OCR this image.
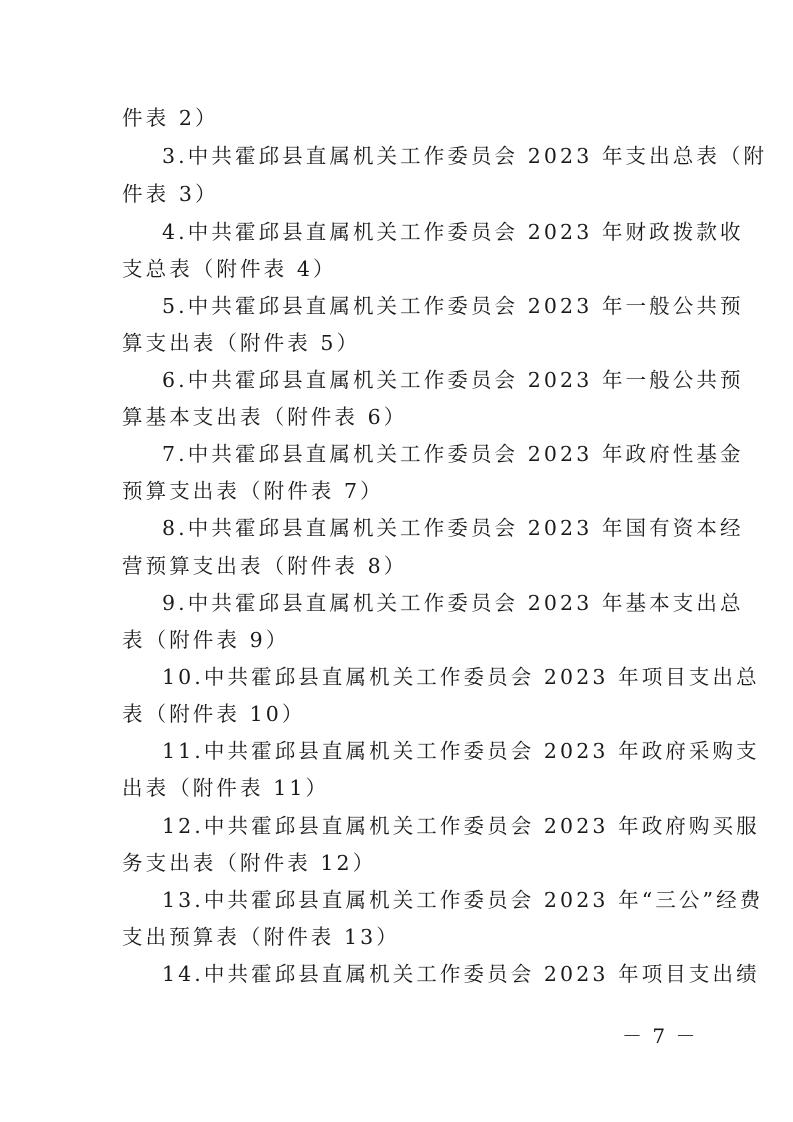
件表 2）
3.中共霍邱县直属机关工作委员会 2023 年支出总表（附
件表 3）
4.中共霍邱县直属机关工作委员会 2023 年财政拨款收
支总表（附件表 4）
5.中共霍邱县直属机关工作委员会 2023 年一般公共预
算支出表（附件表 5）
6.中共霍邱县直属机关工作委员会 2023 年一般公共预
算基本支出表（附件表 6）
7.中共霍邱县直属机关工作委员会 2023 年政府性基金
预算支出表（附件表 7）
8.中共霍邱县直属机关工作委员会 2023 年国有资本经
营预算支出表（附件表 8）
9.中共霍邱县直属机关工作委员会 2023 年基本支出总
表（附件表 9）
10.中共霍邱县直属机关工作委员会 2023 年项目支出总
表（附件表 10）
11.中共霍邱县直属机关工作委员会 2023 年政府采购支
出表（附件表 11）
12.中共霍邱县直属机关工作委员会 2023 年政府购买服
务支出表（附件表 12）
13.中共霍邱县直属机关工作委员会 2023 年“三公”经费
支出预算表（附件表 13）
14.中共霍邱县直属机关工作委员会 2023 年项目支出绩
－ 7 －
